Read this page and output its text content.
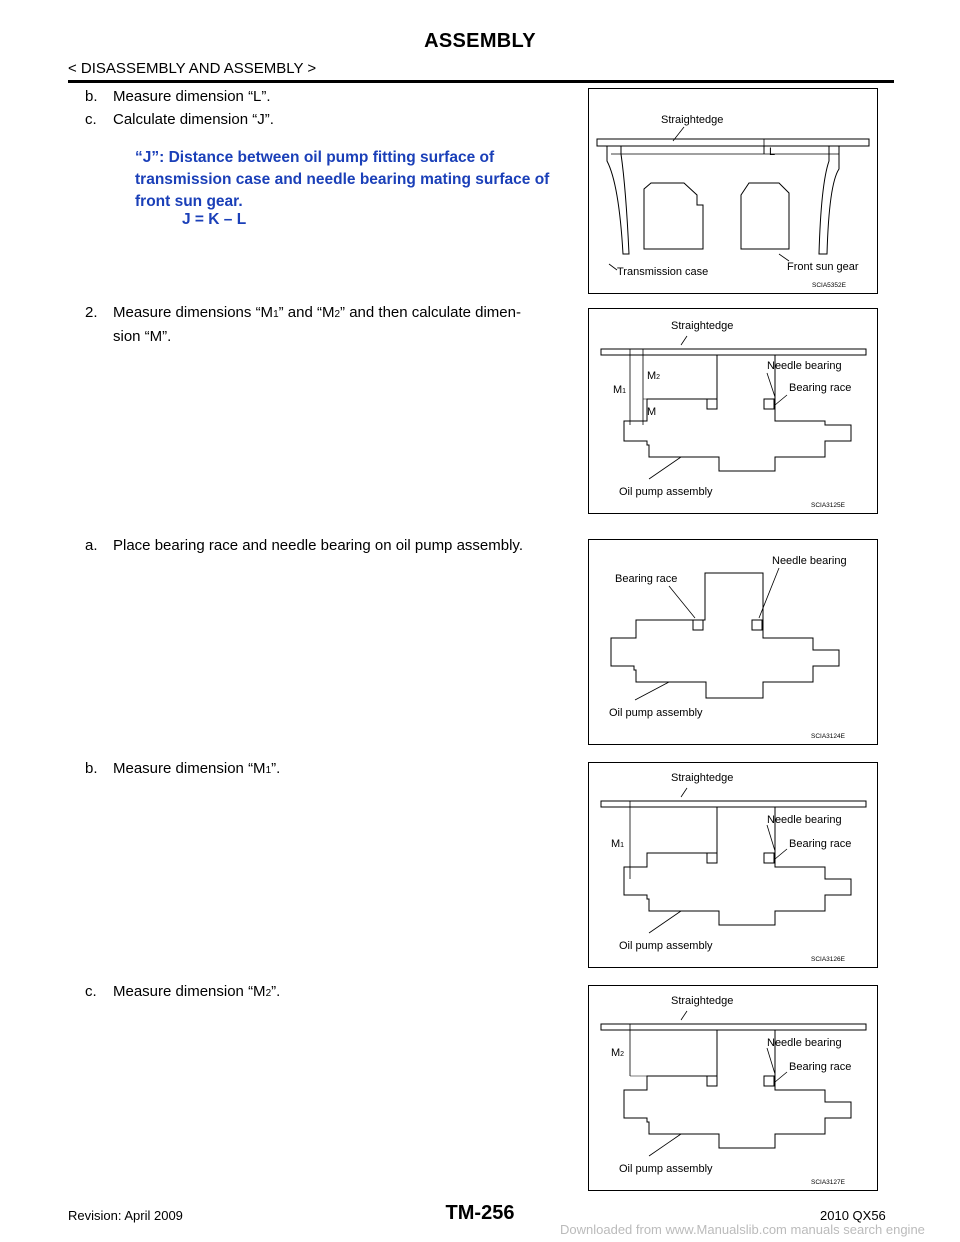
ASSEMBLY
< DISASSEMBLY AND ASSEMBLY >
b. Measure dimension “L”.
c. Calculate dimension “J”.
“J”: Distance between oil pump fitting surface of transmission case and needle bearing mating surface of front sun gear.
J = K – L
2. Measure dimensions “M1” and “M2” and then calculate dimen-
sion “M”.
a. Place bearing race and needle bearing on oil pump assembly.
b. Measure dimension “M1”.
c. Measure dimension “M2”.
L
Straightedge
Transmission case	Front sun gear
SCIA5352E
Straightedge
M1
M2
M
Needle bearing
Bearing race
Oil pump assembly
SCIA3125E
Bearing race
Needle bearing
Oil pump assembly
SCIA3124E
Straightedge
M1
Needle bearing
Bearing race
Oil pump assembly
SCIA3126E
Straightedge
M2
Needle bearing
Bearing race
Oil pump assembly
SCIA3127E
Revision: April 2009	TM-256	2010 QX56
Downloaded from www.Manualslib.com manuals search engine
